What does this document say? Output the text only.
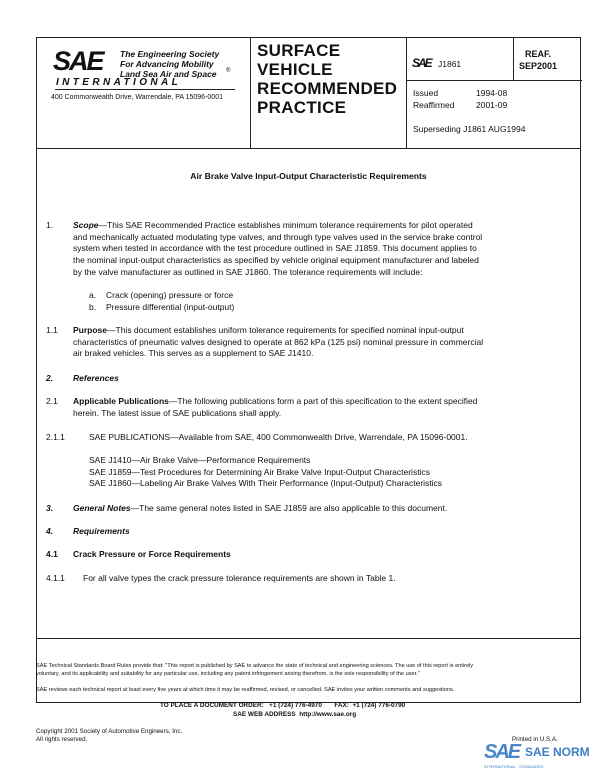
SAE The Engineering Society
For Advancing Mobility
Land Sea Air and Space	®
INTERNATIONAL
400 Commonwealth Drive, Warrendale, PA 15096-0001
SURFACE
VEHICLE
RECOMMENDED
PRACTICE
SAE J1861
REAF.
SEP2001
Issued	1994-08
Reaffirmed	2001-09
Superseding J1861 AUG1994
Air Brake Valve Input-Output Characteristic Requirements
1. Scope—This SAE Recommended Practice establishes minimum tolerance requirements for pilot operated
and mechanically actuated modulating type valves, and through type valves used in the service brake control
system when tested in accordance with the test procedure outlined in SAE J1859. This document applies to
the nominal input-output characteristics as specified by vehicle original equipment manufacturer and labeled
by the valve manufacturer as outlined in SAE J1860. The tolerance requirements will include:
a. Crack (opening) pressure or force
b. Pressure differential (input-output)
1.1 Purpose—This document establishes uniform tolerance requirements for specified nominal input-output
characteristics of pneumatic valves designed to operate at 862 kPa (125 psi) nominal pressure in commercial
air braked vehicles. This serves as a supplement to SAE J1410.
2. References
2.1 Applicable Publications—The following publications form a part of this specification to the extent specified
herein. The latest issue of SAE publications shall apply.
2.1.1	SAE PUBLICATIONS—Available from SAE, 400 Commonwealth Drive, Warrendale, PA 15096-0001.
SAE J1410—Air Brake Valve—Performance Requirements
SAE J1859—Test Procedures for Determining Air Brake Valve Input-Output Characteristics
SAE J1860—Labeling Air Brake Valves With Their Performance (Input-Output) Characteristics
3. General Notes—The same general notes listed in SAE J1859 are also applicable to this document.
4. Requirements
4.1 Crack Pressure or Force Requirements
4.1.1 For all valve types the crack pressure tolerance requirements are shown in Table 1.
SAE Technical Standards Board Rules provide that: "This report is published by SAE to advance the state of technical and engineering sciences. The use of this report is entirely
voluntary, and its applicability and suitability for any particular use, including any patent infringement arising therefrom, is the sole responsibility of the user."
SAE reviews each technical report at least every five years at which time it may be reaffirmed, revised, or cancelled. SAE invites your written comments and suggestions.
TO PLACE A DOCUMENT ORDER: +1 (724) 776-4970 FAX: +1 (724) 776-0790
SAE WEB ADDRESS http://www.sae.org
Copyright 2001 Society of Automotive Engineers, Inc.
All rights reserved.	Printed in U.S.A.
SAE SAE NORM
INTERNATIONAL · STANDARDS
